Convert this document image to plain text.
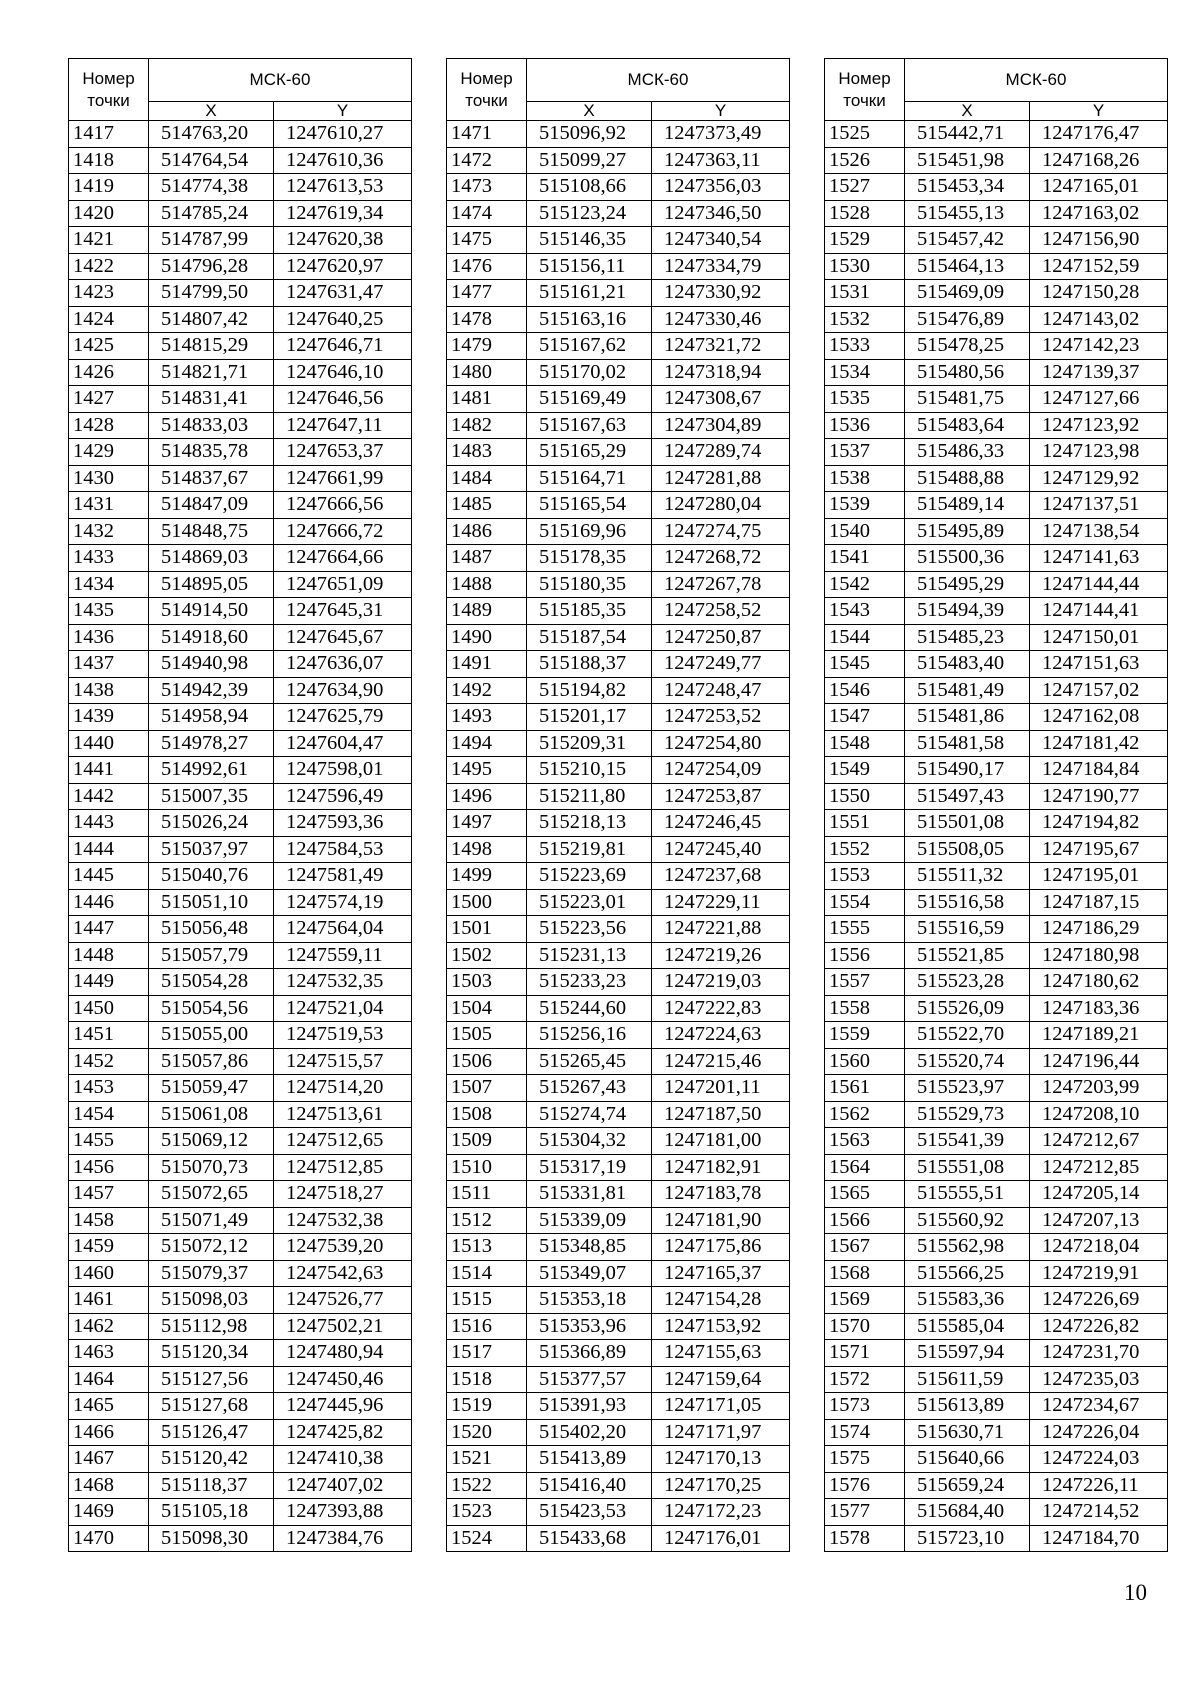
Номер точки	МСК-60	
	X	Y
1417	514763,20	1247610,27
1418	514764,54	1247610,36
1419	514774,38	1247613,53
1420	514785,24	1247619,34
1421	514787,99	1247620,38
1422	514796,28	1247620,97
1423	514799,50	1247631,47
1424	514807,42	1247640,25
1425	514815,29	1247646,71
1426	514821,71	1247646,10
1427	514831,41	1247646,56
1428	514833,03	1247647,11
1429	514835,78	1247653,37
1430	514837,67	1247661,99
1431	514847,09	1247666,56
1432	514848,75	1247666,72
1433	514869,03	1247664,66
1434	514895,05	1247651,09
1435	514914,50	1247645,31
1436	514918,60	1247645,67
1437	514940,98	1247636,07
1438	514942,39	1247634,90
1439	514958,94	1247625,79
1440	514978,27	1247604,47
1441	514992,61	1247598,01
1442	515007,35	1247596,49
1443	515026,24	1247593,36
1444	515037,97	1247584,53
1445	515040,76	1247581,49
1446	515051,10	1247574,19
1447	515056,48	1247564,04
1448	515057,79	1247559,11
1449	515054,28	1247532,35
1450	515054,56	1247521,04
1451	515055,00	1247519,53
1452	515057,86	1247515,57
1453	515059,47	1247514,20
1454	515061,08	1247513,61
1455	515069,12	1247512,65
1456	515070,73	1247512,85
1457	515072,65	1247518,27
1458	515071,49	1247532,38
1459	515072,12	1247539,20
1460	515079,37	1247542,63
1461	515098,03	1247526,77
1462	515112,98	1247502,21
1463	515120,34	1247480,94
1464	515127,56	1247450,46
1465	515127,68	1247445,96
1466	515126,47	1247425,82
1467	515120,42	1247410,38
1468	515118,37	1247407,02
1469	515105,18	1247393,88
1470	515098,30	1247384,76
Номер точки	МСК-60	
	X	Y
1471	515096,92	1247373,49
1472	515099,27	1247363,11
1473	515108,66	1247356,03
1474	515123,24	1247346,50
1475	515146,35	1247340,54
1476	515156,11	1247334,79
1477	515161,21	1247330,92
1478	515163,16	1247330,46
1479	515167,62	1247321,72
1480	515170,02	1247318,94
1481	515169,49	1247308,67
1482	515167,63	1247304,89
1483	515165,29	1247289,74
1484	515164,71	1247281,88
1485	515165,54	1247280,04
1486	515169,96	1247274,75
1487	515178,35	1247268,72
1488	515180,35	1247267,78
1489	515185,35	1247258,52
1490	515187,54	1247250,87
1491	515188,37	1247249,77
1492	515194,82	1247248,47
1493	515201,17	1247253,52
1494	515209,31	1247254,80
1495	515210,15	1247254,09
1496	515211,80	1247253,87
1497	515218,13	1247246,45
1498	515219,81	1247245,40
1499	515223,69	1247237,68
1500	515223,01	1247229,11
1501	515223,56	1247221,88
1502	515231,13	1247219,26
1503	515233,23	1247219,03
1504	515244,60	1247222,83
1505	515256,16	1247224,63
1506	515265,45	1247215,46
1507	515267,43	1247201,11
1508	515274,74	1247187,50
1509	515304,32	1247181,00
1510	515317,19	1247182,91
1511	515331,81	1247183,78
1512	515339,09	1247181,90
1513	515348,85	1247175,86
1514	515349,07	1247165,37
1515	515353,18	1247154,28
1516	515353,96	1247153,92
1517	515366,89	1247155,63
1518	515377,57	1247159,64
1519	515391,93	1247171,05
1520	515402,20	1247171,97
1521	515413,89	1247170,13
1522	515416,40	1247170,25
1523	515423,53	1247172,23
1524	515433,68	1247176,01
Номер точки	МСК-60	
	X	Y
1525	515442,71	1247176,47
1526	515451,98	1247168,26
1527	515453,34	1247165,01
1528	515455,13	1247163,02
1529	515457,42	1247156,90
1530	515464,13	1247152,59
1531	515469,09	1247150,28
1532	515476,89	1247143,02
1533	515478,25	1247142,23
1534	515480,56	1247139,37
1535	515481,75	1247127,66
1536	515483,64	1247123,92
1537	515486,33	1247123,98
1538	515488,88	1247129,92
1539	515489,14	1247137,51
1540	515495,89	1247138,54
1541	515500,36	1247141,63
1542	515495,29	1247144,44
1543	515494,39	1247144,41
1544	515485,23	1247150,01
1545	515483,40	1247151,63
1546	515481,49	1247157,02
1547	515481,86	1247162,08
1548	515481,58	1247181,42
1549	515490,17	1247184,84
1550	515497,43	1247190,77
1551	515501,08	1247194,82
1552	515508,05	1247195,67
1553	515511,32	1247195,01
1554	515516,58	1247187,15
1555	515516,59	1247186,29
1556	515521,85	1247180,98
1557	515523,28	1247180,62
1558	515526,09	1247183,36
1559	515522,70	1247189,21
1560	515520,74	1247196,44
1561	515523,97	1247203,99
1562	515529,73	1247208,10
1563	515541,39	1247212,67
1564	515551,08	1247212,85
1565	515555,51	1247205,14
1566	515560,92	1247207,13
1567	515562,98	1247218,04
1568	515566,25	1247219,91
1569	515583,36	1247226,69
1570	515585,04	1247226,82
1571	515597,94	1247231,70
1572	515611,59	1247235,03
1573	515613,89	1247234,67
1574	515630,71	1247226,04
1575	515640,66	1247224,03
1576	515659,24	1247226,11
1577	515684,40	1247214,52
1578	515723,10	1247184,70
10
